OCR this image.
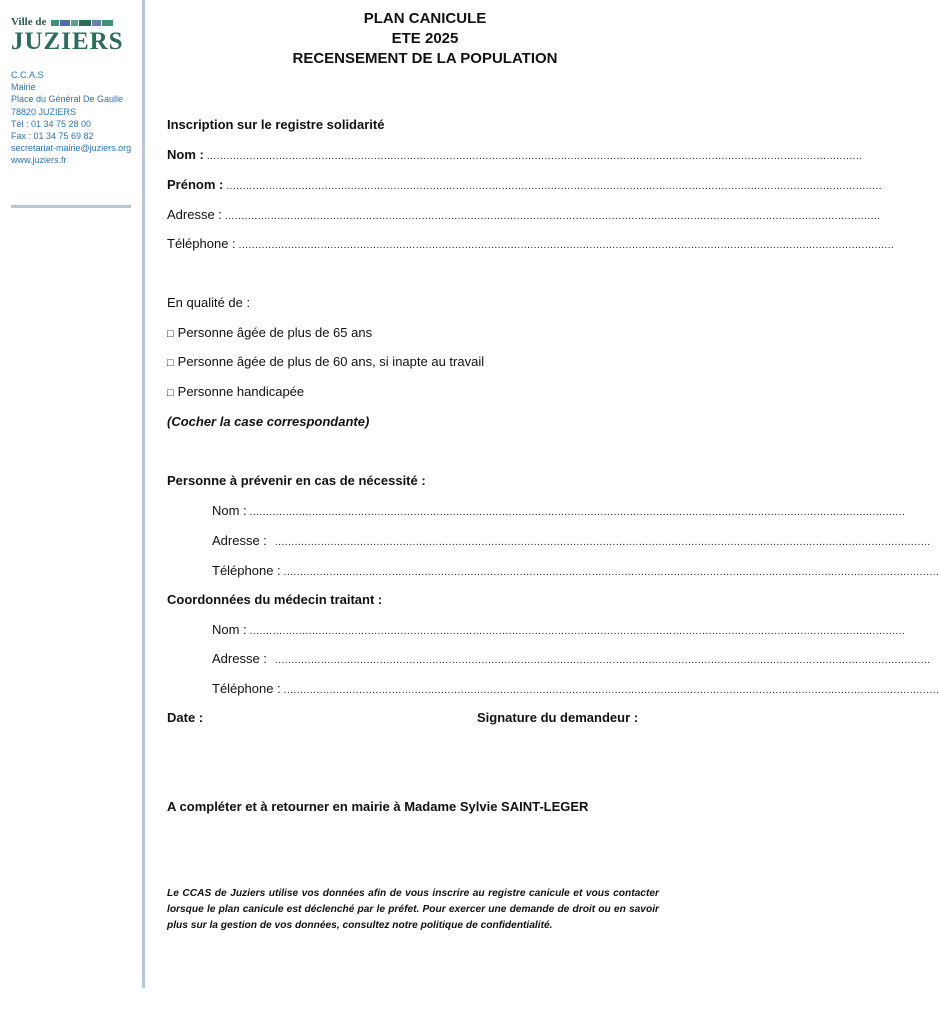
Ville de
JUZIERS
C.C.A.S
Mairie
Place du Général De Gaulle
78820 JUZIERS
Tél : 01 34 75 28 00
Fax : 01 34 75 69 82
secretariat-mairie@juziers.org
www.juziers.fr
PLAN CANICULE
ETE 2025
RECENSEMENT DE LA POPULATION
Inscription sur le registre solidarité
Nom : ........................................................................................................................................................................................................
Prénom : ........................................................................................................................................................................................................
Adresse : ........................................................................................................................................................................................................
Téléphone : ........................................................................................................................................................................................................
En qualité de :
□ Personne âgée de plus de 65 ans
□ Personne âgée de plus de 60 ans, si inapte au travail
□ Personne handicapée
(Cocher la case correspondante)
Personne à prévenir en cas de nécessité :
Nom : ........................................................................................................................................................................................................
Adresse : ........................................................................................................................................................................................................
Téléphone : ........................................................................................................................................................................................................
Coordonnées du médecin traitant :
Nom : ........................................................................................................................................................................................................
Adresse : ........................................................................................................................................................................................................
Téléphone : ........................................................................................................................................................................................................
Date :	Signature du demandeur :
A compléter et à retourner en mairie à Madame Sylvie SAINT-LEGER
Le CCAS de Juziers utilise vos données afin de vous inscrire au registre canicule et vous contacter lorsque le plan canicule est déclenché par le préfet. Pour exercer une demande de droit ou en savoir plus sur la gestion de vos données, consultez notre politique de confidentialité.
